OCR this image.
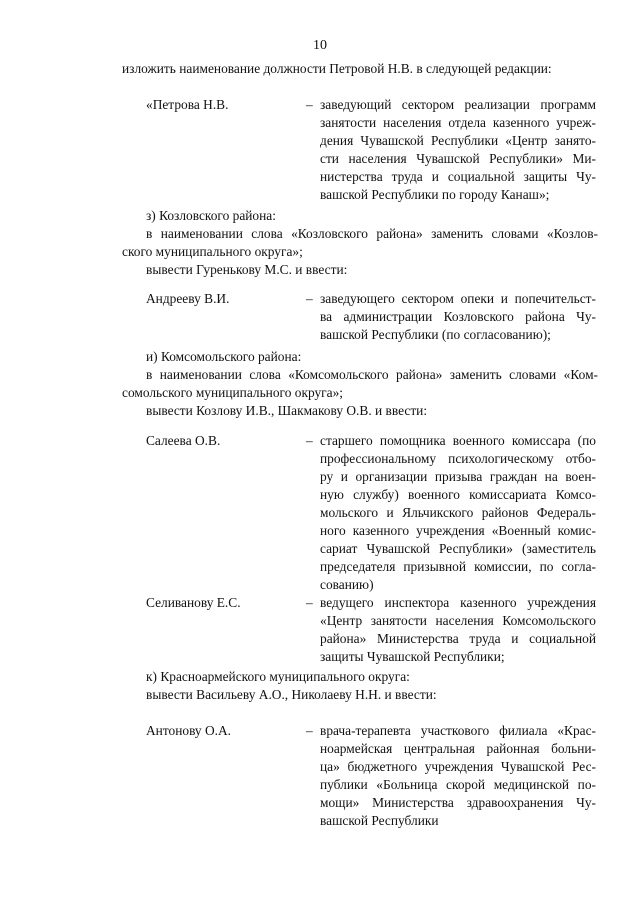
10
изложить наименование должности Петровой Н.В. в следующей редакции:
«Петрова Н.В.	– заведующий сектором реализации программ
занятости населения отдела казенного учреж-
дения Чувашской Республики «Центр занято-
сти населения Чувашской Республики» Ми-
нистерства труда и социальной защиты Чу-
вашской Республики по городу Канаш»;
з) Козловского района:
в наименовании слова «Козловского района» заменить словами «Козлов-
ского муниципального округа»;
вывести Гуренькову М.С. и ввести:
Андрееву В.И.	– заведующего сектором опеки и попечительст-
ва администрации Козловского района Чу-
вашской Республики (по согласованию);
и) Комсомольского района:
в наименовании слова «Комсомольского района» заменить словами «Ком-
сомольского муниципального округа»;
вывести Козлову И.В., Шакмакову О.В. и ввести:
Салеева О.В.	– старшего помощника военного комиссара (по
профессиональному психологическому отбо-
ру и организации призыва граждан на воен-
ную службу) военного комиссариата Комсо-
мольского и Яльчикского районов Федераль-
ного казенного учреждения «Военный комис-
сариат Чувашской Республики» (заместитель
председателя призывной комиссии, по согла-
сованию)
Селиванову Е.С.	– ведущего инспектора казенного учреждения
«Центр занятости населения Комсомольского
района» Министерства труда и социальной
защиты Чувашской Республики;
к) Красноармейского муниципального округа:
вывести Васильеву А.О., Николаеву Н.Н. и ввести:
Антонову О.А.	– врача-терапевта участкового филиала «Крас-
ноармейская центральная районная больни-
ца» бюджетного учреждения Чувашской Рес-
публики «Больница скорой медицинской по-
мощи» Министерства здравоохранения Чу-
вашской Республики
